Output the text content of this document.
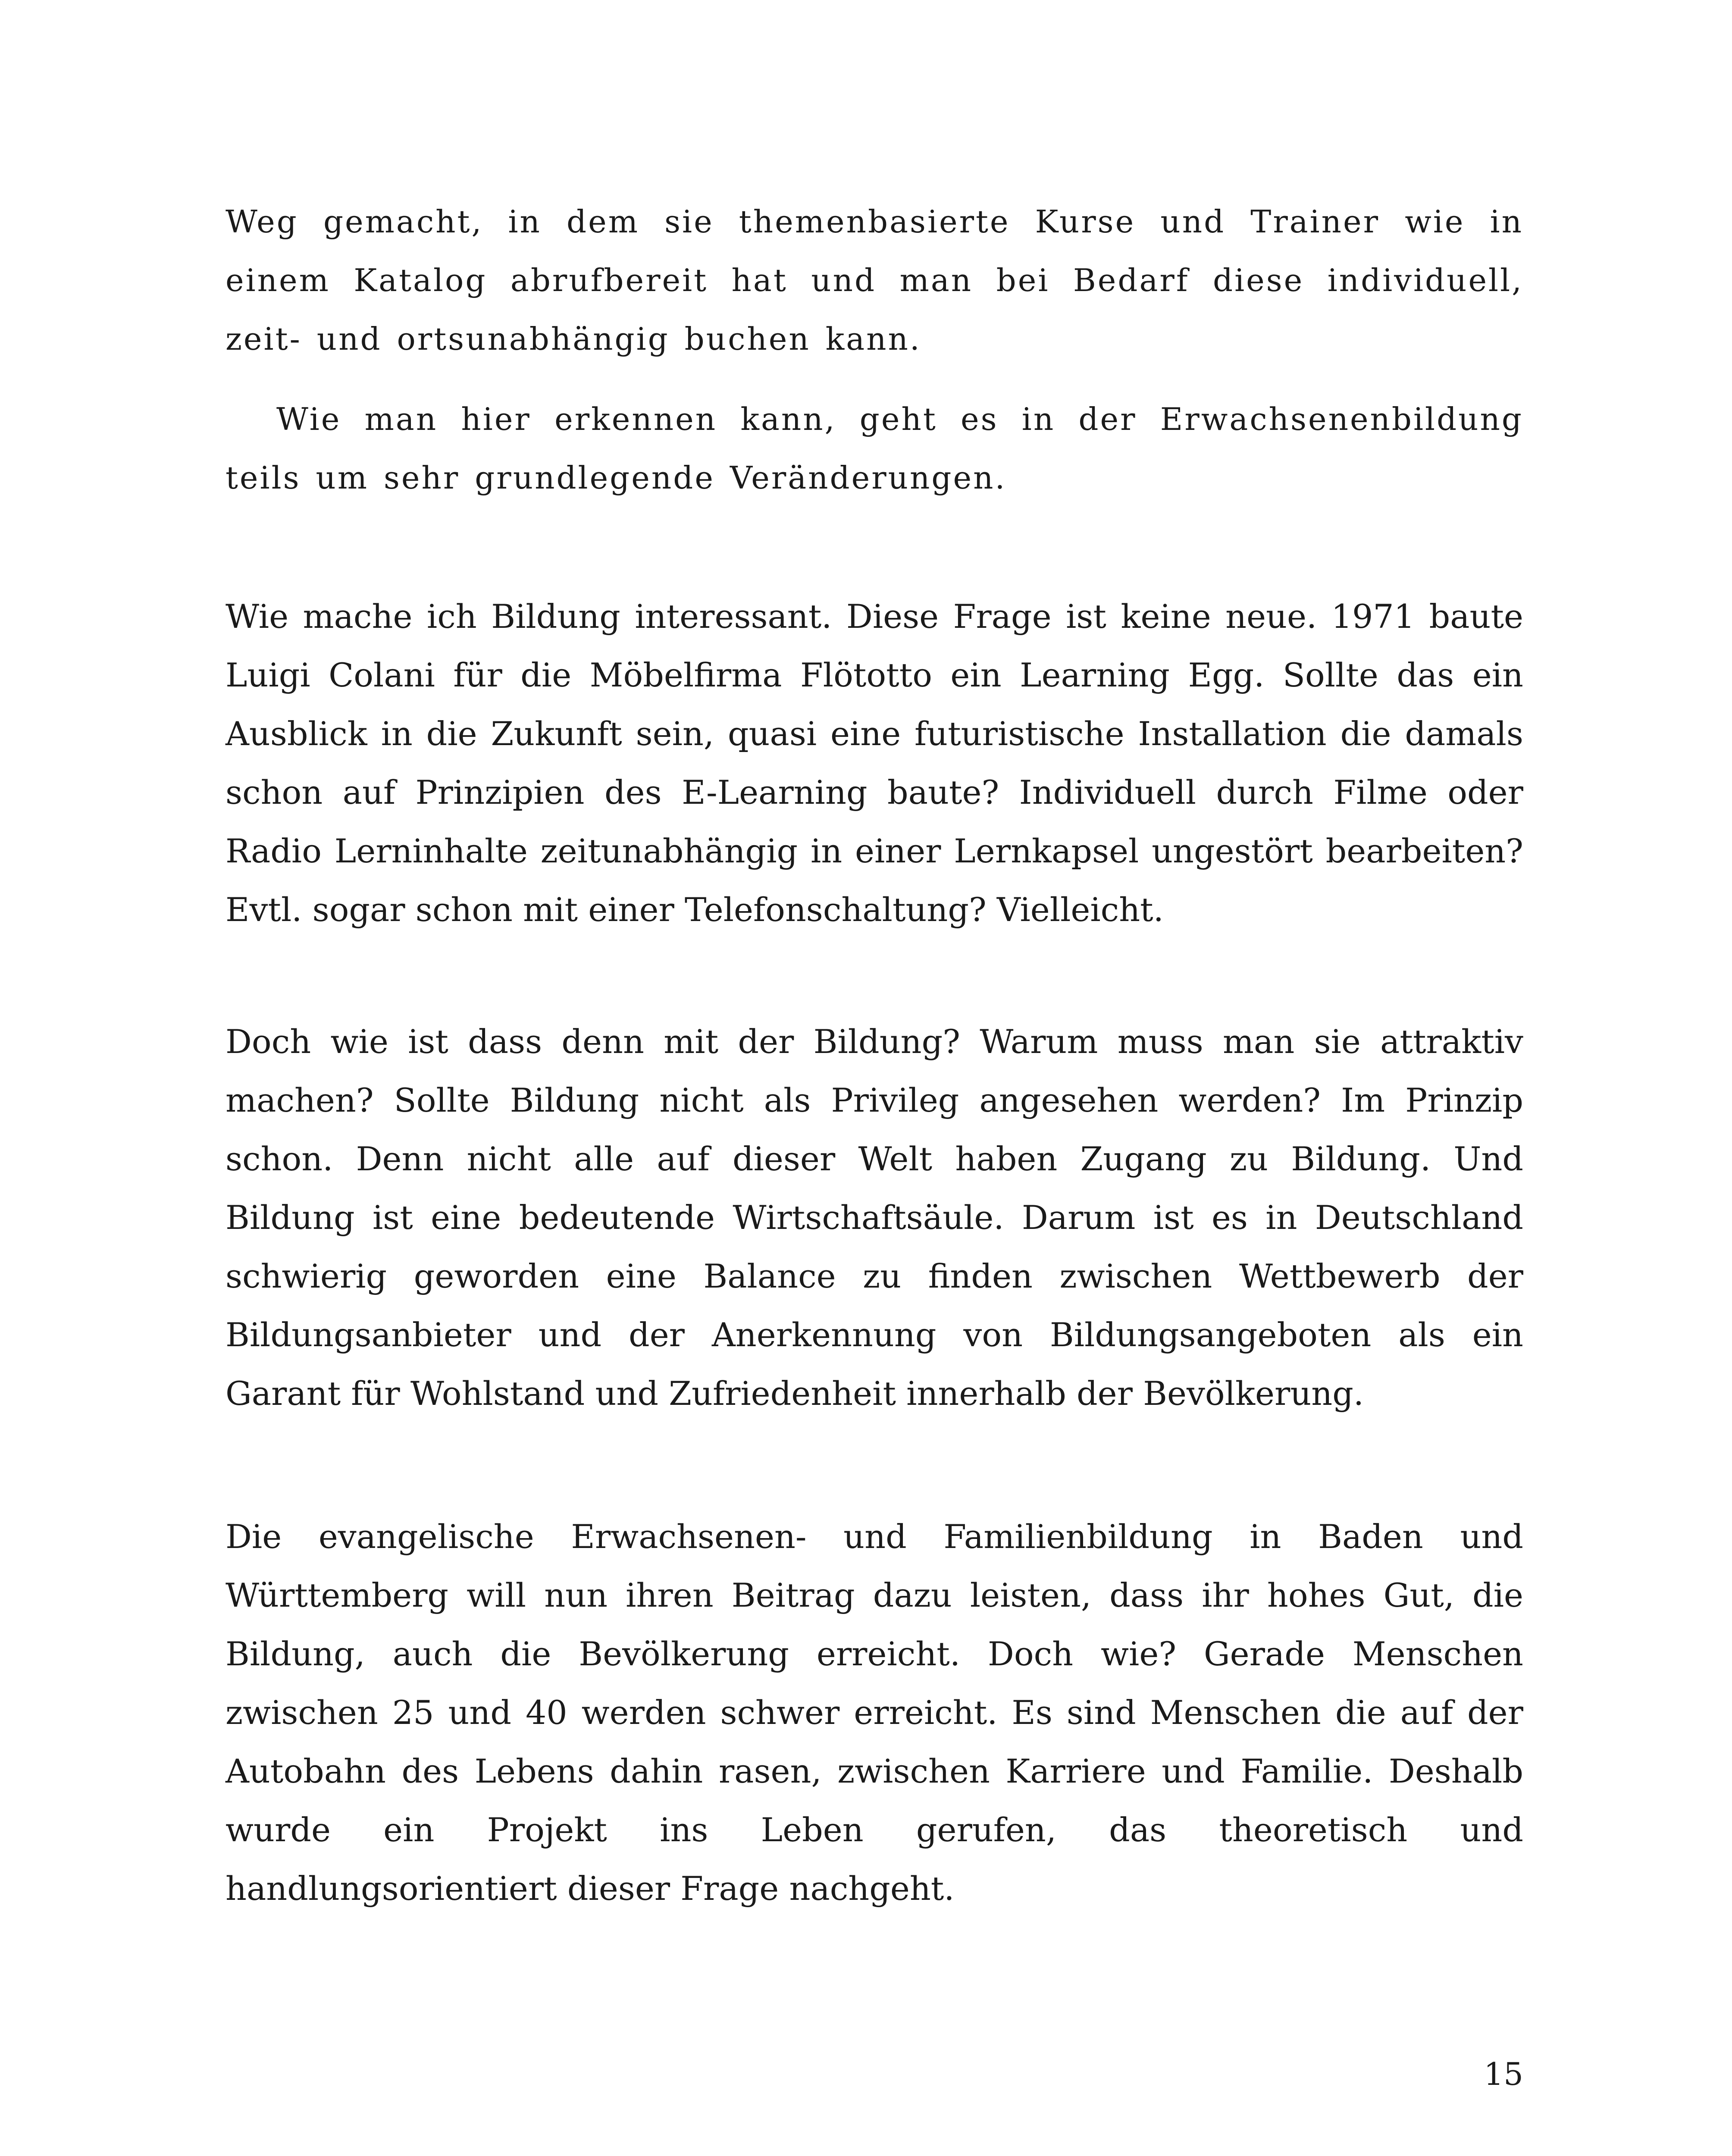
Weg gemacht, in dem sie themenbasierte Kurse und Trainer wie in einem Katalog abrufbereit hat und man bei Bedarf diese individuell, zeit- und ortsunabhängig buchen kann.

Wie man hier erkennen kann, geht es in der Erwachsenenbildung teils um sehr grundlegende Veränderungen.

Wie mache ich Bildung interessant. Diese Frage ist keine neue. 1971 baute Luigi Colani für die Möbelfirma Flötotto ein Learning Egg. Sollte das ein Ausblick in die Zukunft sein, quasi eine futuristische Installation die damals schon auf Prinzipien des E-Learning baute? Individuell durch Filme oder Radio Lerninhalte zeitunabhängig in einer Lernkapsel ungestört bearbeiten? Evtl. sogar schon mit einer Telefonschaltung? Vielleicht.

Doch wie ist dass denn mit der Bildung? Warum muss man sie attraktiv machen? Sollte Bildung nicht als Privileg angesehen werden? Im Prinzip schon. Denn nicht alle auf dieser Welt haben Zugang zu Bildung. Und Bildung ist eine bedeutende Wirtschaftsäule. Darum ist es in Deutschland schwierig geworden eine Balance zu finden zwischen Wettbewerb der Bildungsanbieter und der Anerkennung von Bildungsangeboten als ein Garant für Wohlstand und Zufriedenheit innerhalb der Bevölkerung.

Die evangelische Erwachsenen- und Familienbildung in Baden und Württemberg will nun ihren Beitrag dazu leisten, dass ihr hohes Gut, die Bildung, auch die Bevölkerung erreicht. Doch wie? Gerade Menschen zwischen 25 und 40 werden schwer erreicht. Es sind Menschen die auf der Autobahn des Lebens dahin rasen, zwischen Karriere und Familie. Deshalb wurde ein Projekt ins Leben gerufen, das theoretisch und handlungsorientiert dieser Frage nachgeht.

15
